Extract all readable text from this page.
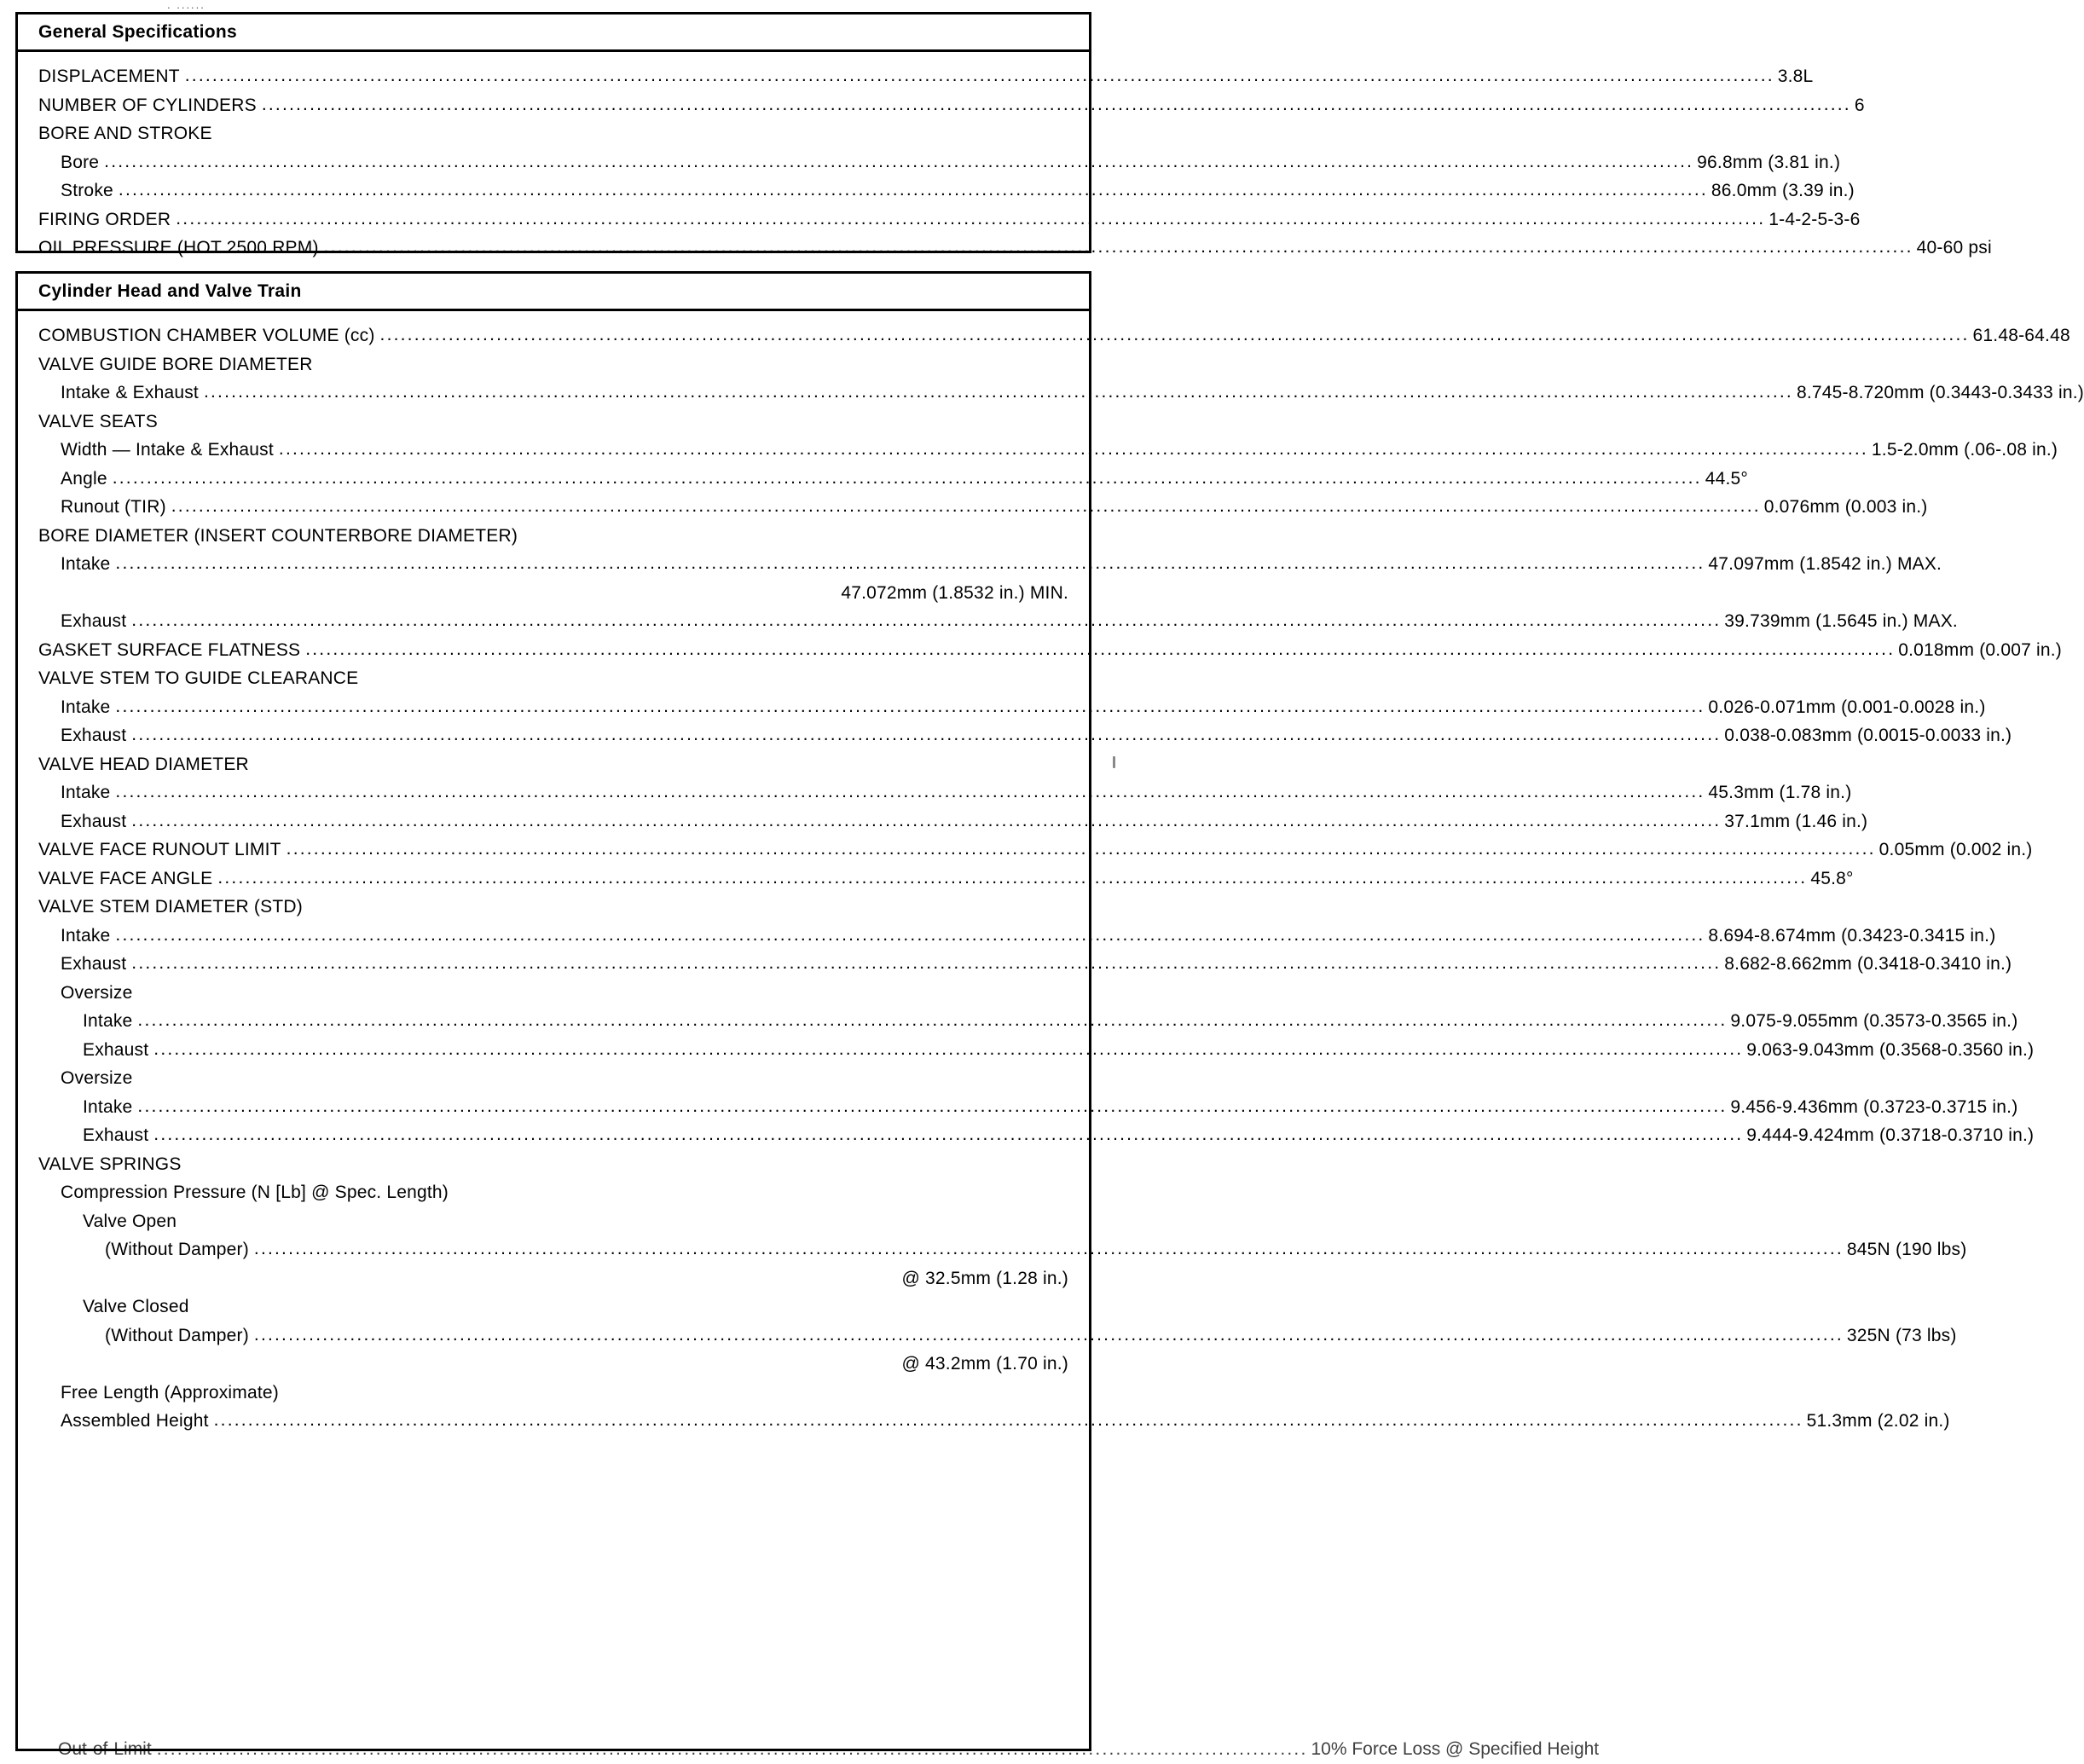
. ......
General Specifications
DISPLACEMENT .....	3.8L
NUMBER OF CYLINDERS .....	6
BORE AND STROKE
Bore .....	96.8mm (3.81 in.)
Stroke .....	86.0mm (3.39 in.)
FIRING ORDER .....	1-4-2-5-3-6
OIL PRESSURE (HOT 2500 RPM) .....	40-60 psi
Cylinder Head and Valve Train
COMBUSTION CHAMBER VOLUME (cc) .....	61.48-64.48
VALVE GUIDE BORE DIAMETER
Intake & Exhaust .....	8.745-8.720mm (0.3443-0.3433 in.)
VALVE SEATS
Width — Intake & Exhaust .....	1.5-2.0mm (.06-.08 in.)
Angle .....	44.5°
Runout (TIR) .....	0.076mm (0.003 in.)
BORE DIAMETER (INSERT COUNTERBORE DIAMETER)
Intake .....	47.097mm (1.8542 in.) MAX.
47.072mm (1.8532 in.) MIN.
Exhaust .....	39.739mm (1.5645 in.) MAX.
GASKET SURFACE FLATNESS .....	0.018mm (0.007 in.)
VALVE STEM TO GUIDE CLEARANCE
Intake .....	0.026-0.071mm (0.001-0.0028 in.)
Exhaust .....	0.038-0.083mm (0.0015-0.0033 in.)
VALVE HEAD DIAMETER
Intake .....	45.3mm (1.78 in.)
Exhaust .....	37.1mm (1.46 in.)
VALVE FACE RUNOUT LIMIT .....	0.05mm (0.002 in.)
VALVE FACE ANGLE .....	45.8°
VALVE STEM DIAMETER (STD)
Intake .....	8.694-8.674mm (0.3423-0.3415 in.)
Exhaust .....	8.682-8.662mm (0.3418-0.3410 in.)
Oversize
Intake .....	9.075-9.055mm (0.3573-0.3565 in.)
Exhaust .....	9.063-9.043mm (0.3568-0.3560 in.)
Oversize
Intake .....	9.456-9.436mm (0.3723-0.3715 in.)
Exhaust .....	9.444-9.424mm (0.3718-0.3710 in.)
VALVE SPRINGS
Compression Pressure (N [Lb] @ Spec. Length)
Valve Open
(Without Damper) .....	845N (190 lbs)
@ 32.5mm (1.28 in.)
Valve Closed
(Without Damper) .....	325N (73 lbs)
@ 43.2mm (1.70 in.)
Free Length (Approximate)
Assembled Height .....	51.3mm (2.02 in.)
Out-of-Limit .....	10% Force Loss @ Specified Height
